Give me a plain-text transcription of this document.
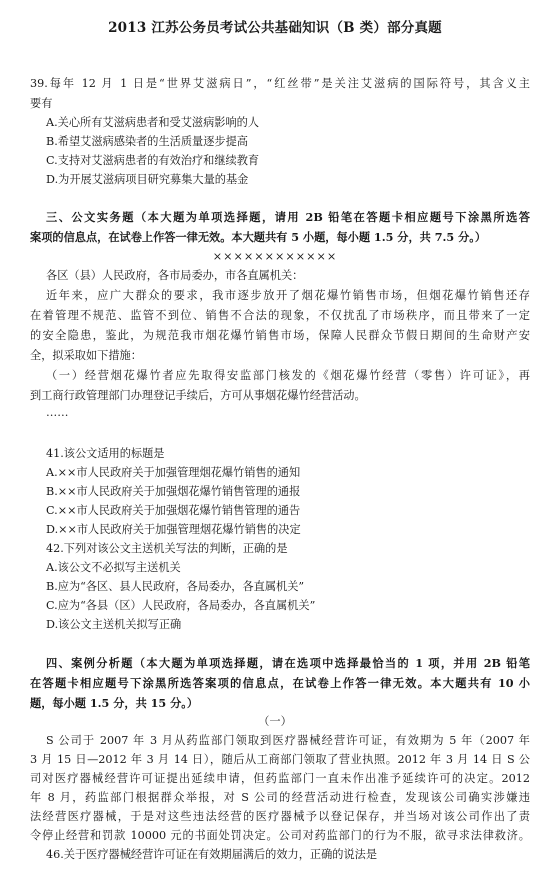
2013 江苏公务员考试公共基础知识（B 类）部分真题
39.每年 12 月 1 日是“世界艾滋病日”，“红丝带”是关注艾滋病的国际符号，其含义主
要有
A.关心所有艾滋病患者和受艾滋病影响的人
B.希望艾滋病感染者的生活质量逐步提高
C.支持对艾滋病患者的有效治疗和继续教育
D.为开展艾滋病项目研究募集大量的基金
三、公文实务题（本大题为单项选择题，请用 2B 铅笔在答题卡相应题号下涂黑所选答
案项的信息点，在试卷上作答一律无效。本大题共有 5 小题，每小题 1.5 分，共 7.5 分。）
××××××××××××
各区（县）人民政府，各市局委办，市各直属机关：
近年来，应广大群众的要求，我市逐步放开了烟花爆竹销售市场，但烟花爆竹销售还存
在着管理不规范、监管不到位、销售不合法的现象，不仅扰乱了市场秩序，而且带来了一定
的安全隐患，鉴此，为规范我市烟花爆竹销售市场，保障人民群众节假日期间的生命财产安
全，拟采取如下措施：
（一）经营烟花爆竹者应先取得安监部门核发的《烟花爆竹经营（零售）许可证》，再
到工商行政管理部门办理登记手续后，方可从事烟花爆竹经营活动。
……
41.该公文适用的标题是
A.××市人民政府关于加强管理烟花爆竹销售的通知
B.××市人民政府关于加强烟花爆竹销售管理的通报
C.××市人民政府关于加强烟花爆竹销售管理的通告
D.××市人民政府关于加强管理烟花爆竹销售的决定
42.下列对该公文主送机关写法的判断，正确的是
A.该公文不必拟写主送机关
B.应为“各区、县人民政府，各局委办，各直属机关”
C.应为“各县（区）人民政府，各局委办，各直属机关”
D.该公文主送机关拟写正确
四、案例分析题（本大题为单项选择题，请在选项中选择最恰当的 1 项，并用 2B 铅笔
在答题卡相应题号下涂黑所选答案项的信息点，在试卷上作答一律无效。本大题共有 10 小
题，每小题 1.5 分，共 15 分。）
（一）
S 公司于 2007 年 3 月从药监部门领取到医疗器械经营许可证，有效期为 5 年（2007 年
3 月 15 日—2012 年 3 月 14 日），随后从工商部门领取了营业执照。2012 年 3 月 14 日 S 公
司对医疗器械经营许可证提出延续申请，但药监部门一直未作出准予延续许可的决定。2012
年 8 月，药监部门根据群众举报，对 S 公司的经营活动进行检查，发现该公司确实涉嫌违
法经营医疗器械，于是对这些违法经营的医疗器械予以登记保存，并当场对该公司作出了责
令停止经营和罚款 10000 元的书面处罚决定。公司对药监部门的行为不服，欲寻求法律救济。
46.关于医疗器械经营许可证在有效期届满后的效力，正确的说法是
